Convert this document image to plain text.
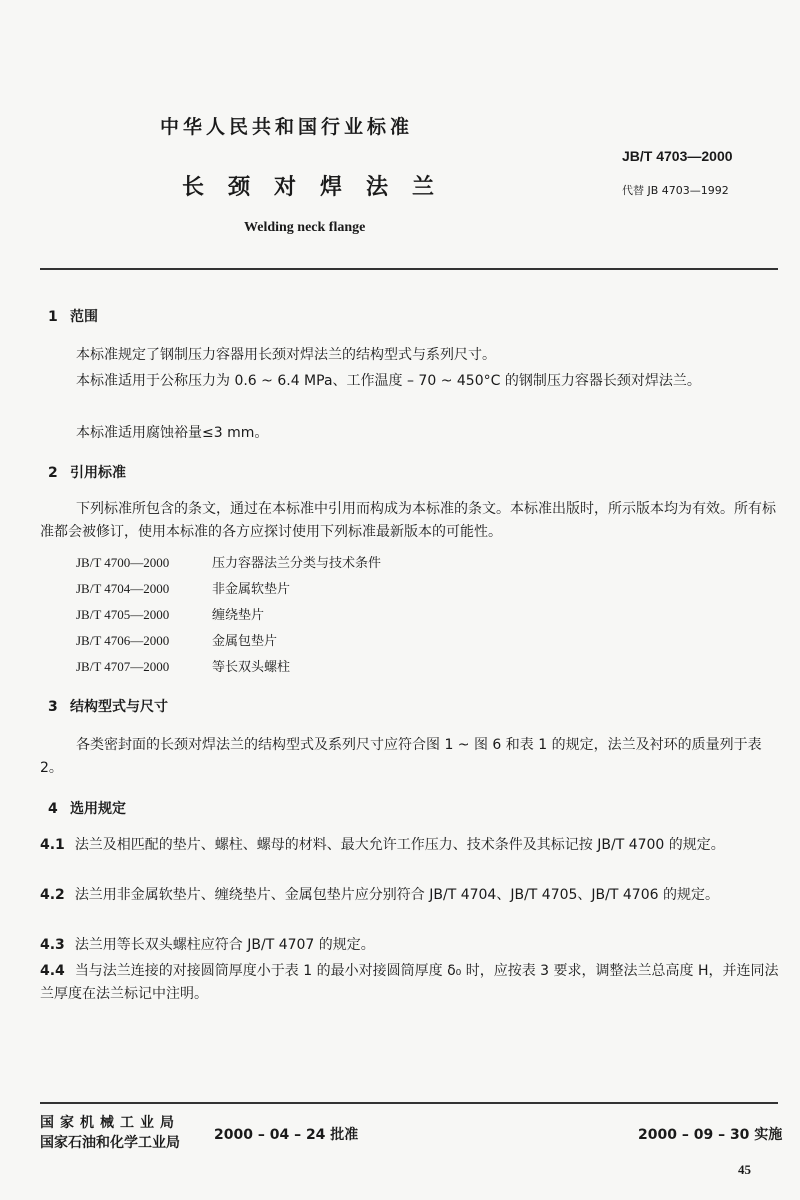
中华人民共和国行业标准
JB/T 4703—2000
长颈对焊法兰	代替 JB 4703—1992
Welding neck flange
1 范围
本标准规定了钢制压力容器用长颈对焊法兰的结构型式与系列尺寸。
本标准适用于公称压力为 0.6 ~ 6.4 MPa、工作温度 – 70 ~ 450°C 的钢制压力容器长颈对焊法兰。
本标准适用腐蚀裕量≤3 mm。
2 引用标准
下列标准所包含的条文，通过在本标准中引用而构成为本标准的条文。本标准出版时，所示版本均为有效。所有标准都会被修订，使用本标准的各方应探讨使用下列标准最新版本的可能性。
JB/T 4700—2000	压力容器法兰分类与技术条件
JB/T 4704—2000	非金属软垫片
JB/T 4705—2000	缠绕垫片
JB/T 4706—2000	金属包垫片
JB/T 4707—2000	等长双头螺柱
3 结构型式与尺寸
各类密封面的长颈对焊法兰的结构型式及系列尺寸应符合图 1 ~ 图 6 和表 1 的规定，法兰及衬环的质量列于表 2。
4 选用规定
4.1 法兰及相匹配的垫片、螺柱、螺母的材料、最大允许工作压力、技术条件及其标记按 JB/T 4700 的规定。
4.2 法兰用非金属软垫片、缠绕垫片、金属包垫片应分别符合 JB/T 4704、JB/T 4705、JB/T 4706 的规定。
4.3 法兰用等长双头螺柱应符合 JB/T 4707 的规定。
4.4 当与法兰连接的对接圆筒厚度小于表 1 的最小对接圆筒厚度 δ₀ 时，应按表 3 要求，调整法兰总高度 H，并连同法兰厚度在法兰标记中注明。
国家机械工业局
国家石油和化学工业局 2000 – 04 – 24 批准	2000 – 09 – 30 实施
45
